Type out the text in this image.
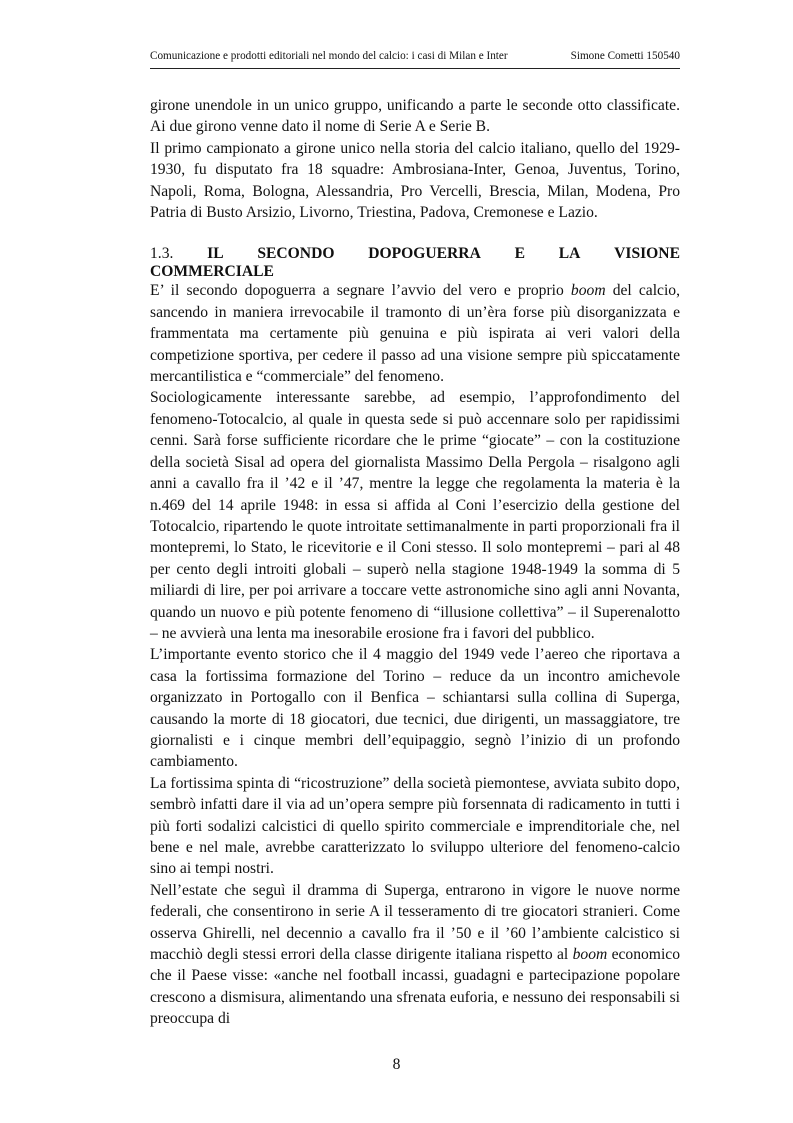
Comunicazione e prodotti editoriali nel mondo del calcio: i casi di Milan e Inter	Simone Cometti 150540

girone unendole in un unico gruppo, unificando a parte le seconde otto classificate. Ai due girono venne dato il nome di Serie A e Serie B.

Il primo campionato a girone unico nella storia del calcio italiano, quello del 1929-1930, fu disputato fra 18 squadre: Ambrosiana-Inter, Genoa, Juventus, Torino, Napoli, Roma, Bologna, Alessandria, Pro Vercelli, Brescia, Milan, Modena, Pro Patria di Busto Arsizio, Livorno, Triestina, Padova, Cremonese e Lazio.

1.3. IL SECONDO DOPOGUERRA E LA VISIONE
COMMERCIALE

E’ il secondo dopoguerra a segnare l’avvio del vero e proprio boom del calcio, sancendo in maniera irrevocabile il tramonto di un’èra forse più disorganizzata e frammentata ma certamente più genuina e più ispirata ai veri valori della competizione sportiva, per cedere il passo ad una visione sempre più spiccatamente mercantilistica e “commerciale” del fenomeno.

Sociologicamente interessante sarebbe, ad esempio, l’approfondimento del fenomeno-Totocalcio, al quale in questa sede si può accennare solo per rapidissimi cenni. Sarà forse sufficiente ricordare che le prime “giocate” – con la costituzione della società Sisal ad opera del giornalista Massimo Della Pergola – risalgono agli anni a cavallo fra il ’42 e il ’47, mentre la legge che regolamenta la materia è la n.469 del 14 aprile 1948: in essa si affida al Coni l’esercizio della gestione del Totocalcio, ripartendo le quote introitate settimanalmente in parti proporzionali fra il montepremi, lo Stato, le ricevitorie e il Coni stesso. Il solo montepremi – pari al 48 per cento degli introiti globali – superò nella stagione 1948-1949 la somma di 5 miliardi di lire, per poi arrivare a toccare vette astronomiche sino agli anni Novanta, quando un nuovo e più potente fenomeno di “illusione collettiva” – il Superenalotto – ne avvierà una lenta ma inesorabile erosione fra i favori del pubblico.

L’importante evento storico che il 4 maggio del 1949 vede l’aereo che riportava a casa la fortissima formazione del Torino – reduce da un incontro amichevole organizzato in Portogallo con il Benfica – schiantarsi sulla collina di Superga, causando la morte di 18 giocatori, due tecnici, due dirigenti, un massaggiatore, tre giornalisti e i cinque membri dell’equipaggio, segnò l’inizio di un profondo cambiamento.

La fortissima spinta di “ricostruzione” della società piemontese, avviata subito dopo, sembrò infatti dare il via ad un’opera sempre più forsennata di radicamento in tutti i più forti sodalizi calcistici di quello spirito commerciale e imprenditoriale che, nel bene e nel male, avrebbe caratterizzato lo sviluppo ulteriore del fenomeno-calcio sino ai tempi nostri.

Nell’estate che seguì il dramma di Superga, entrarono in vigore le nuove norme federali, che consentirono in serie A il tesseramento di tre giocatori stranieri. Come osserva Ghirelli, nel decennio a cavallo fra il ’50 e il ’60 l’ambiente calcistico si macchiò degli stessi errori della classe dirigente italiana rispetto al boom economico che il Paese visse: «anche nel football incassi, guadagni e partecipazione popolare crescono a dismisura, alimentando una sfrenata euforia, e nessuno dei responsabili si preoccupa di

8
